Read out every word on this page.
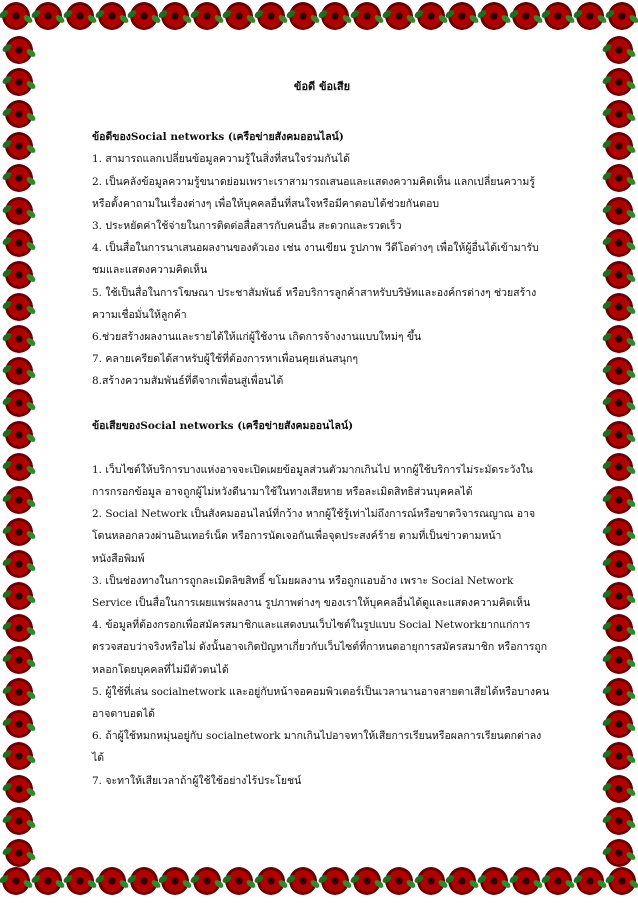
ข้อดี ข้อเสีย

ข้อดีของSocial networks (เครือข่ายสังคมออนไลน์)

1. สามารถแลกเปลี่ยนข้อมูลความรู้ในสิ่งที่สนใจร่วมกันได้

2. เป็นคลังข้อมูลความรู้ขนาดย่อมเพราะเราสามารถเสนอและแสดงความคิดเห็น แลกเปลี่ยนความรู้ หรือตั้งคาถามในเรื่องต่างๆ เพื่อให้บุคคลอื่นที่สนใจหรือมีคาตอบได้ช่วยกันตอบ

3. ประหยัดค่าใช้จ่ายในการติดต่อสื่อสารกับคนอื่น สะดวกและรวดเร็ว

4. เป็นสื่อในการนาเสนอผลงานของตัวเอง เช่น งานเขียน รูปภาพ วีดีโอต่างๆ เพื่อให้ผู้อื่นได้เข้ามารับชมและแสดงความคิดเห็น

5. ใช้เป็นสื่อในการโฆษณา ประชาสัมพันธ์ หรือบริการลูกค้าสาหรับบริษัทและองค์กรต่างๆ ช่วยสร้างความเชื่อมั่นให้ลูกค้า

6.ช่วยสร้างผลงานและรายได้ให้แก่ผู้ใช้งาน เกิดการจ้างงานแบบใหม่ๆ ขึ้น

7. คลายเครียดได้สาหรับผู้ใช้ที่ต้องการหาเพื่อนคุยเล่นสนุกๆ

8.สร้างความสัมพันธ์ที่ดีจากเพื่อนสู่เพื่อนได้

ข้อเสียของSocial networks (เครือข่ายสังคมออนไลน์)

1. เว็บไซต์ให้บริการบางแห่งอาจจะเปิดเผยข้อมูลส่วนตัวมากเกินไป หากผู้ใช้บริการไม่ระมัดระวังในการกรอกข้อมูล อาจถูกผู้ไม่หวังดีนามาใช้ในทางเสียหาย หรือละเมิดสิทธิส่วนบุคคลได้

2. Social Network เป็นสังคมออนไลน์ที่กว้าง หากผู้ใช้รู้เท่าไม่ถึงการณ์หรือขาดวิจารณญาณ อาจโดนหลอกลวงผ่านอินเทอร์เน็ต หรือการนัดเจอกันเพื่อจุดประสงค์ร้าย ตามที่เป็นข่าวตามหน้าหนังสือพิมพ์

3. เป็นช่องทางในการถูกละเมิดลิขสิทธิ์ ขโมยผลงาน หรือถูกแอบอ้าง เพราะ Social Network Service เป็นสื่อในการเผยแพร่ผลงาน รูปภาพต่างๆ ของเราให้บุคคลอื่นได้ดูและแสดงความคิดเห็น

4. ข้อมูลที่ต้องกรอกเพื่อสมัครสมาชิกและแสดงบนเว็บไซต์ในรูปแบบ Social Networkยากแก่การตรวจสอบว่าจริงหรือไม่ ดังนั้นอาจเกิดปัญหาเกี่ยวกับเว็บไซต์ที่กาหนดอายุการสมัครสมาชิก หรือการถูกหลอกโดยบุคคลที่ไม่มีตัวตนได้

5. ผู้ใช้ที่เล่น socialnetwork และอยู่กับหน้าจอคอมพิวเตอร์เป็นเวลานานอาจสายตาเสียได้หรือบางคนอาจตาบอดได้

6. ถ้าผู้ใช้หมกหมุ่นอยู่กับ socialnetwork มากเกินไปอาจทาให้เสียการเรียนหรือผลการเรียนตกต่าลงได้

7. จะทาให้เสียเวลาถ้าผู้ใช้ใช้อย่างไร้ประโยชน์
